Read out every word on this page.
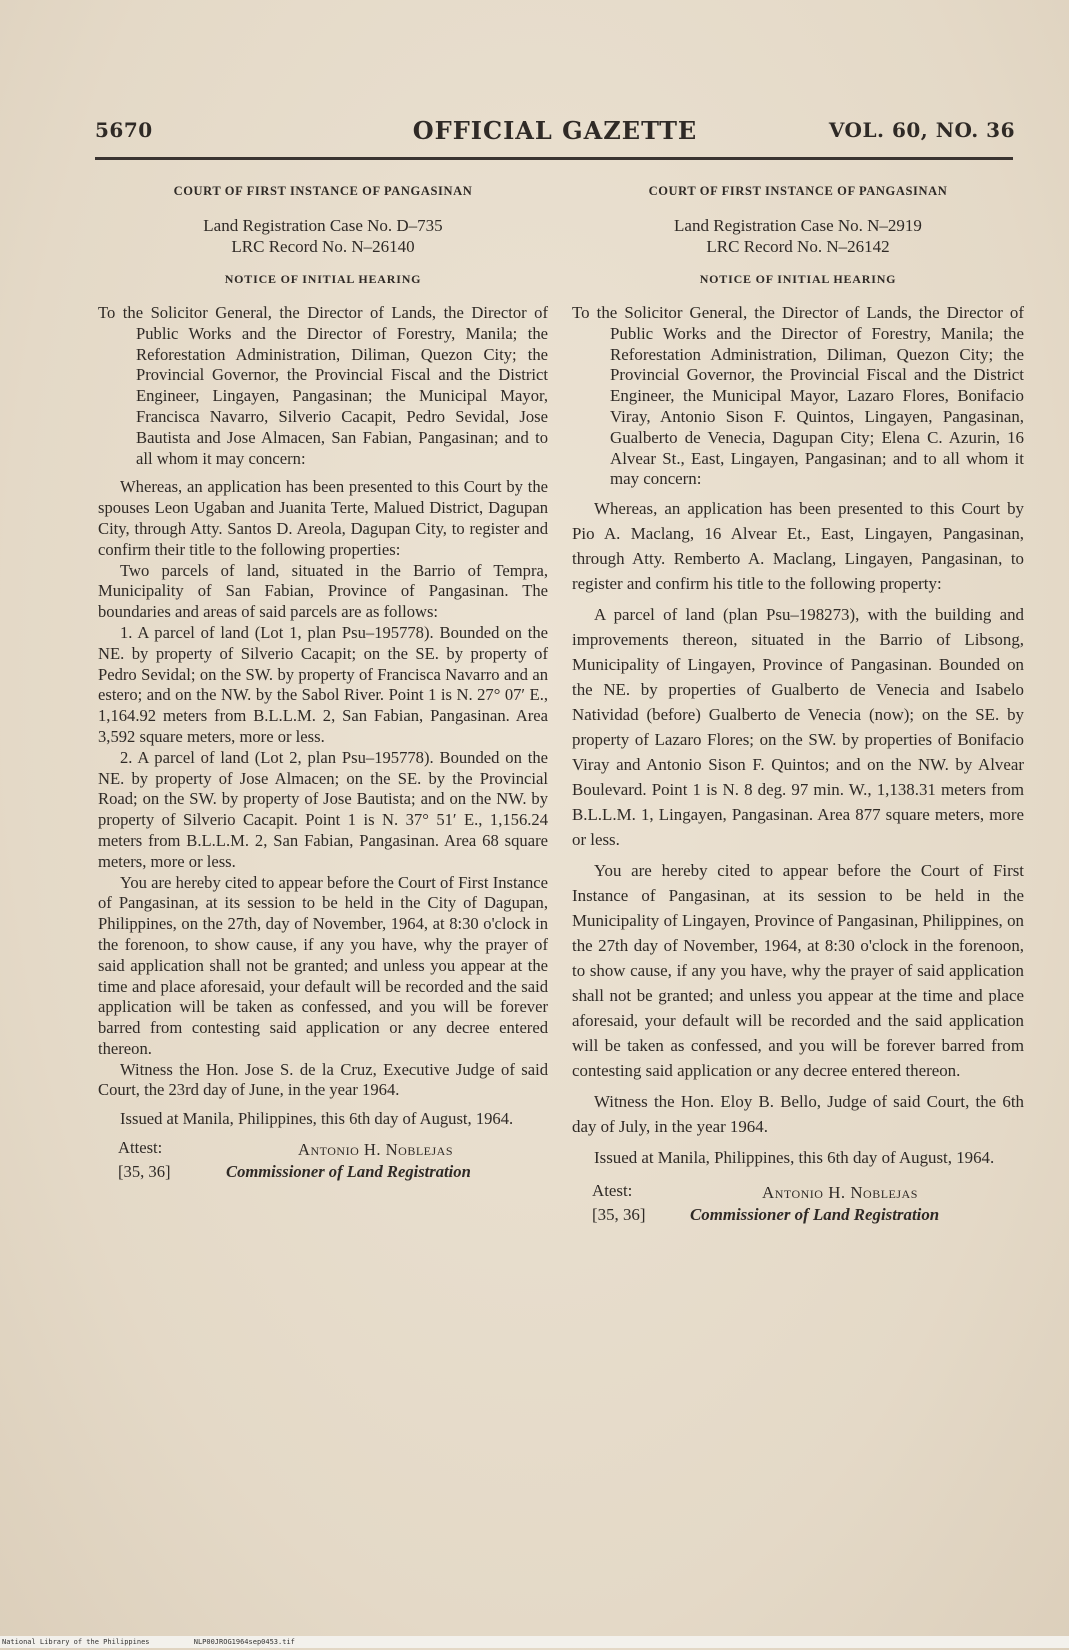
5670	OFFICIAL GAZETTE	VOL. 60, NO. 36

COURT OF FIRST INSTANCE OF PANGASINAN

Land Registration Case No. D–735

LRC Record No. N–26140

NOTICE OF INITIAL HEARING

To the Solicitor General, the Director of Lands, the Director of Public Works and the Director of Forestry, Manila; the Reforestation Administration, Diliman, Quezon City; the Provincial Governor, the Provincial Fiscal and the District Engineer, Lingayen, Pangasinan; the Municipal Mayor, Francisca Navarro, Silverio Cacapit, Pedro Sevidal, Jose Bautista and Jose Almacen, San Fabian, Pangasinan; and to all whom it may concern:

Whereas, an application has been presented to this Court by the spouses Leon Ugaban and Juanita Terte, Malued District, Dagupan City, through Atty. Santos D. Areola, Dagupan City, to register and confirm their title to the following properties:

Two parcels of land, situated in the Barrio of Tempra, Municipality of San Fabian, Province of Pangasinan. The boundaries and areas of said parcels are as follows:

1. A parcel of land (Lot 1, plan Psu–195778). Bounded on the NE. by property of Silverio Cacapit; on the SE. by property of Pedro Sevidal; on the SW. by property of Francisca Navarro and an estero; and on the NW. by the Sabol River. Point 1 is N. 27° 07′ E., 1,164.92 meters from B.L.L.M. 2, San Fabian, Pangasinan. Area 3,592 square meters, more or less.

2. A parcel of land (Lot 2, plan Psu–195778). Bounded on the NE. by property of Jose Almacen; on the SE. by the Provincial Road; on the SW. by property of Jose Bautista; and on the NW. by property of Silverio Cacapit. Point 1 is N. 37° 51′ E., 1,156.24 meters from B.L.L.M. 2, San Fabian, Pangasinan. Area 68 square meters, more or less.

You are hereby cited to appear before the Court of First Instance of Pangasinan, at its session to be held in the City of Dagupan, Philippines, on the 27th, day of November, 1964, at 8:30 o'clock in the forenoon, to show cause, if any you have, why the prayer of said application shall not be granted; and unless you appear at the time and place aforesaid, your default will be recorded and the said application will be taken as confessed, and you will be forever barred from contesting said application or any decree entered thereon.

Witness the Hon. Jose S. de la Cruz, Executive Judge of said Court, the 23rd day of June, in the year 1964.

Issued at Manila, Philippines, this 6th day of August, 1964.

Attest:
[35, 36]
Antonio H. Noblejas
Commissioner of Land Registration

COURT OF FIRST INSTANCE OF PANGASINAN

Land Registration Case No. N–2919

LRC Record No. N–26142

NOTICE OF INITIAL HEARING

To the Solicitor General, the Director of Lands, the Director of Public Works and the Director of Forestry, Manila; the Reforestation Administration, Diliman, Quezon City; the Provincial Governor, the Provincial Fiscal and the District Engineer, the Municipal Mayor, Lazaro Flores, Bonifacio Viray, Antonio Sison F. Quintos, Lingayen, Pangasinan, Gualberto de Venecia, Dagupan City; Elena C. Azurin, 16 Alvear St., East, Lingayen, Pangasinan; and to all whom it may concern:

Whereas, an application has been presented to this Court by Pio A. Maclang, 16 Alvear Et., East, Lingayen, Pangasinan, through Atty. Remberto A. Maclang, Lingayen, Pangasinan, to register and confirm his title to the following property:

A parcel of land (plan Psu–198273), with the building and improvements thereon, situated in the Barrio of Libsong, Municipality of Lingayen, Province of Pangasinan. Bounded on the NE. by properties of Gualberto de Venecia and Isabelo Natividad (before) Gualberto de Venecia (now); on the SE. by property of Lazaro Flores; on the SW. by properties of Bonifacio Viray and Antonio Sison F. Quintos; and on the NW. by Alvear Boulevard. Point 1 is N. 8 deg. 97 min. W., 1,138.31 meters from B.L.L.M. 1, Lingayen, Pangasinan. Area 877 square meters, more or less.

You are hereby cited to appear before the Court of First Instance of Pangasinan, at its session to be held in the Municipality of Lingayen, Province of Pangasinan, Philippines, on the 27th day of November, 1964, at 8:30 o'clock in the forenoon, to show cause, if any you have, why the prayer of said application shall not be granted; and unless you appear at the time and place aforesaid, your default will be recorded and the said application will be taken as confessed, and you will be forever barred from contesting said application or any decree entered thereon.

Witness the Hon. Eloy B. Bello, Judge of said Court, the 6th day of July, in the year 1964.

Issued at Manila, Philippines, this 6th day of August, 1964.

Atest:
[35, 36]
Antonio H. Noblejas
Commissioner of Land Registration
National Library of the Philippines	NLP00JROG1964sep0453.tif
